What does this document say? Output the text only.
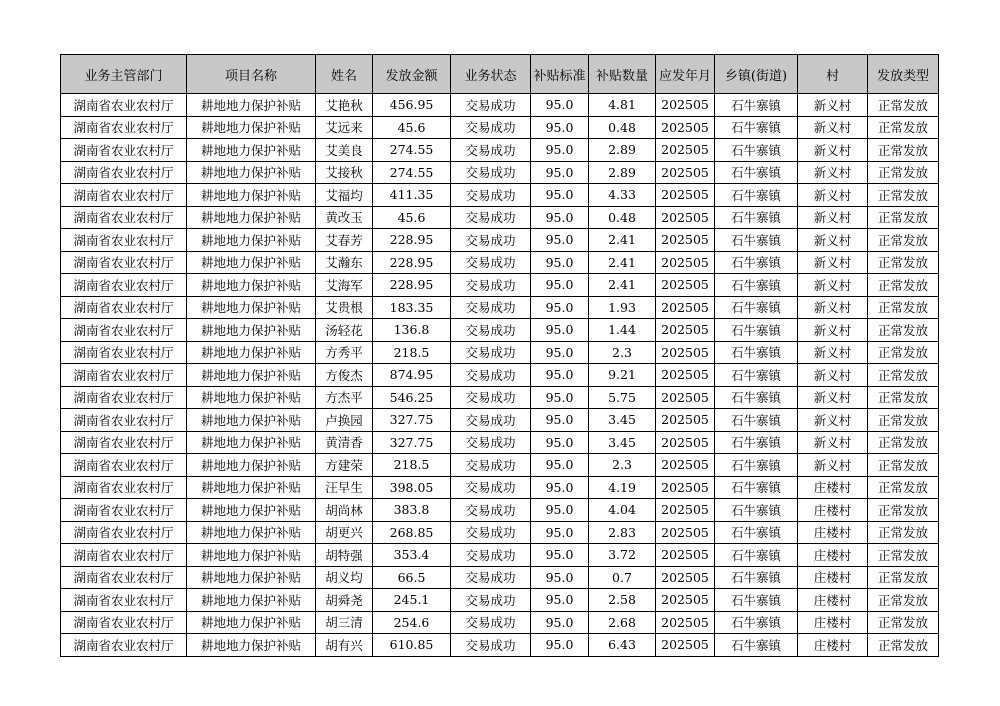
业务主管部门	项目名称	姓名	发放金额	业务状态	补贴标准	补贴数量	应发年月	乡镇(街道)	村	发放类型
湖南省农业农村厅	耕地地力保护补贴	艾艳秋	456.95	交易成功	95.0	4.81	202505	石牛寨镇	新义村	正常发放
湖南省农业农村厅	耕地地力保护补贴	艾远来	45.6	交易成功	95.0	0.48	202505	石牛寨镇	新义村	正常发放
湖南省农业农村厅	耕地地力保护补贴	艾美良	274.55	交易成功	95.0	2.89	202505	石牛寨镇	新义村	正常发放
湖南省农业农村厅	耕地地力保护补贴	艾接秋	274.55	交易成功	95.0	2.89	202505	石牛寨镇	新义村	正常发放
湖南省农业农村厅	耕地地力保护补贴	艾福均	411.35	交易成功	95.0	4.33	202505	石牛寨镇	新义村	正常发放
湖南省农业农村厅	耕地地力保护补贴	黄改玉	45.6	交易成功	95.0	0.48	202505	石牛寨镇	新义村	正常发放
湖南省农业农村厅	耕地地力保护补贴	艾春芳	228.95	交易成功	95.0	2.41	202505	石牛寨镇	新义村	正常发放
湖南省农业农村厅	耕地地力保护补贴	艾瀚东	228.95	交易成功	95.0	2.41	202505	石牛寨镇	新义村	正常发放
湖南省农业农村厅	耕地地力保护补贴	艾海军	228.95	交易成功	95.0	2.41	202505	石牛寨镇	新义村	正常发放
湖南省农业农村厅	耕地地力保护补贴	艾贵根	183.35	交易成功	95.0	1.93	202505	石牛寨镇	新义村	正常发放
湖南省农业农村厅	耕地地力保护补贴	汤轻花	136.8	交易成功	95.0	1.44	202505	石牛寨镇	新义村	正常发放
湖南省农业农村厅	耕地地力保护补贴	方秀平	218.5	交易成功	95.0	2.3	202505	石牛寨镇	新义村	正常发放
湖南省农业农村厅	耕地地力保护补贴	方俊杰	874.95	交易成功	95.0	9.21	202505	石牛寨镇	新义村	正常发放
湖南省农业农村厅	耕地地力保护补贴	方杰平	546.25	交易成功	95.0	5.75	202505	石牛寨镇	新义村	正常发放
湖南省农业农村厅	耕地地力保护补贴	卢换园	327.75	交易成功	95.0	3.45	202505	石牛寨镇	新义村	正常发放
湖南省农业农村厅	耕地地力保护补贴	黄清香	327.75	交易成功	95.0	3.45	202505	石牛寨镇	新义村	正常发放
湖南省农业农村厅	耕地地力保护补贴	方建荣	218.5	交易成功	95.0	2.3	202505	石牛寨镇	新义村	正常发放
湖南省农业农村厅	耕地地力保护补贴	汪早生	398.05	交易成功	95.0	4.19	202505	石牛寨镇	庄楼村	正常发放
湖南省农业农村厅	耕地地力保护补贴	胡尚林	383.8	交易成功	95.0	4.04	202505	石牛寨镇	庄楼村	正常发放
湖南省农业农村厅	耕地地力保护补贴	胡更兴	268.85	交易成功	95.0	2.83	202505	石牛寨镇	庄楼村	正常发放
湖南省农业农村厅	耕地地力保护补贴	胡特强	353.4	交易成功	95.0	3.72	202505	石牛寨镇	庄楼村	正常发放
湖南省农业农村厅	耕地地力保护补贴	胡义均	66.5	交易成功	95.0	0.7	202505	石牛寨镇	庄楼村	正常发放
湖南省农业农村厅	耕地地力保护补贴	胡舜尧	245.1	交易成功	95.0	2.58	202505	石牛寨镇	庄楼村	正常发放
湖南省农业农村厅	耕地地力保护补贴	胡三清	254.6	交易成功	95.0	2.68	202505	石牛寨镇	庄楼村	正常发放
湖南省农业农村厅	耕地地力保护补贴	胡有兴	610.85	交易成功	95.0	6.43	202505	石牛寨镇	庄楼村	正常发放
